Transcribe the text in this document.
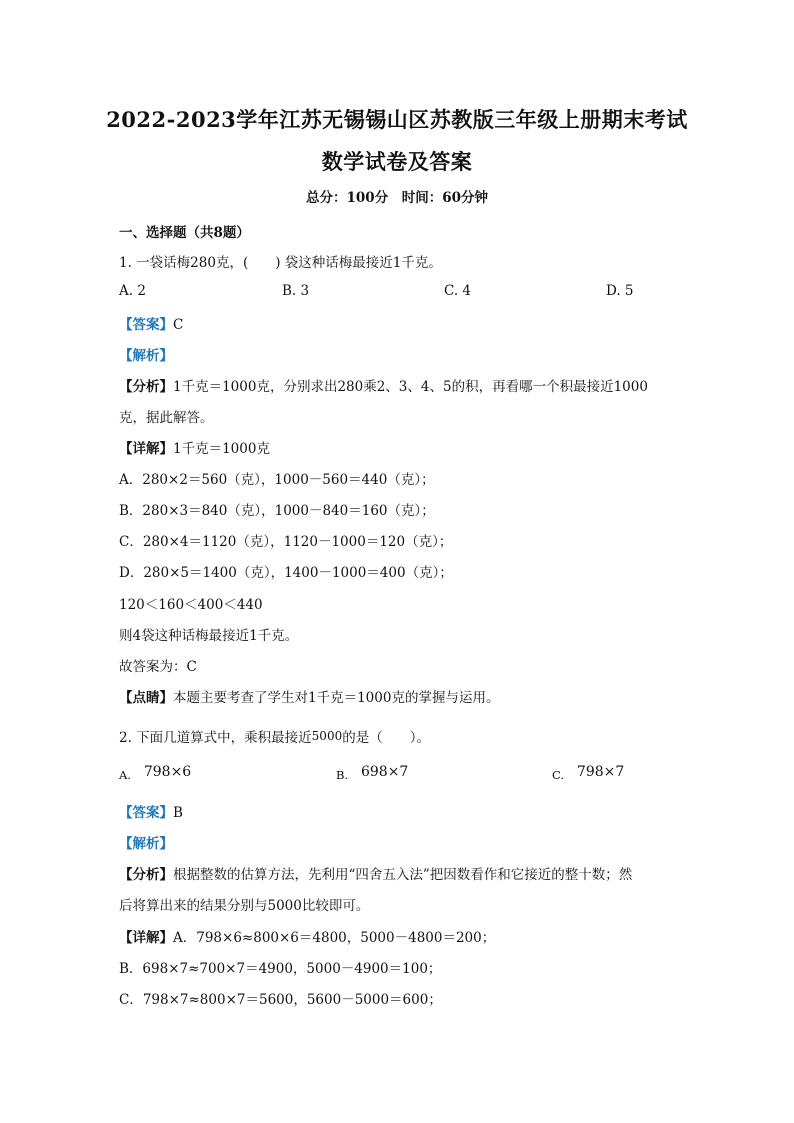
2022-2023学年江苏无锡锡山区苏教版三年级上册期末考试
数学试卷及答案
总分：100分　时间：60分钟
一、选择题（共8题）
1. 一袋话梅280克，(　　) 袋这种话梅最接近1千克。
A. 2	B. 3	C. 4	D. 5
【答案】C
【解析】
【分析】1千克＝1000克，分别求出280乘2、3、4、5的积，再看哪一个积最接近1000
克，据此解答。
【详解】1千克＝1000克
A．280×2＝560（克），1000－560＝440（克）；
B．280×3＝840（克），1000－840＝160（克）；
C．280×4＝1120（克），1120－1000＝120（克）；
D．280×5＝1400（克），1400－1000＝400（克）；
120＜160＜400＜440
则4袋这种话梅最接近1千克。
故答案为：C
【点睛】本题主要考查了学生对1千克＝1000克的掌握与运用。
2. 下面几道算式中，乘积最接近$^{5000}$的是（　　）。
A. 798×6	B. 698×7	C. 798×7
【答案】B
【解析】
【分析】根据整数的估算方法，先利用“四舍五入法”把因数看作和它接近的整十数；然
后将算出来的结果分别与5000比较即可。
【详解】A．798×6≈800×6＝4800，5000－4800＝200；
B．698×7≈700×7＝4900，5000－4900＝100；
C．798×7≈800×7＝5600，5600－5000＝600；
